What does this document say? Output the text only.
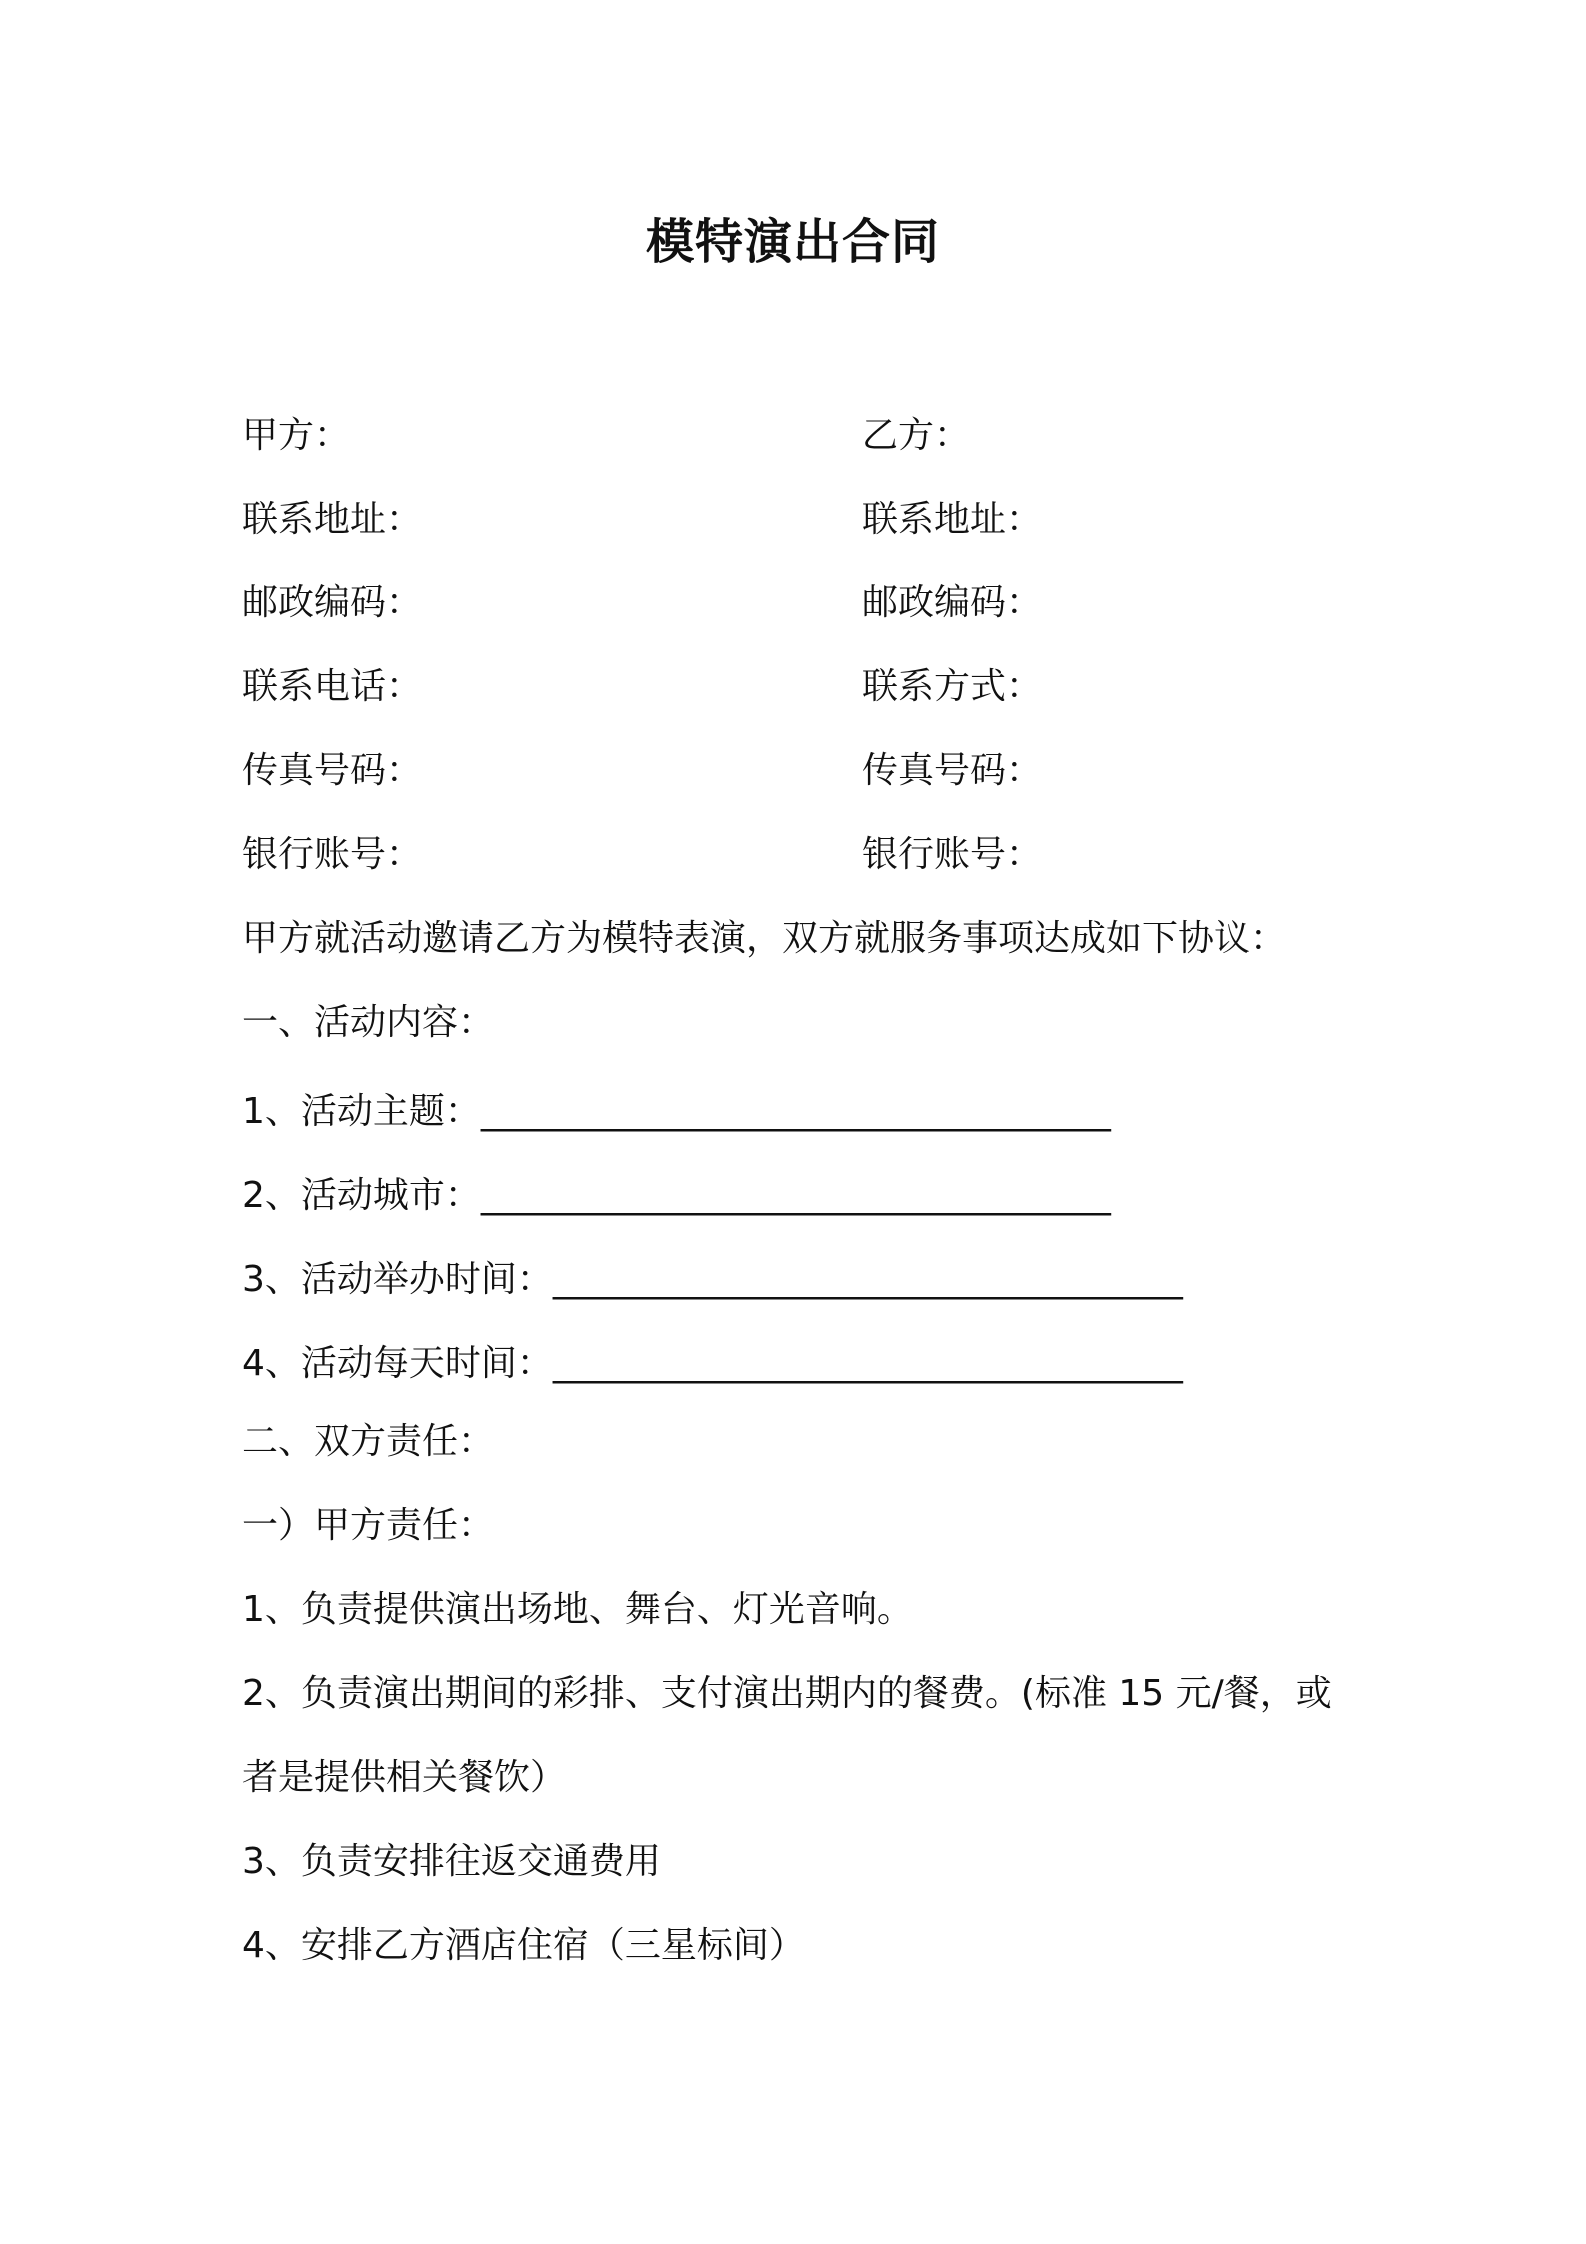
模特演出合同
甲方：
联系地址：
邮政编码：
联系电话：
传真号码：
银行账号：
乙方：
联系地址：
邮政编码：
联系方式：
传真号码：
银行账号：
甲方就活动邀请乙方为模特表演，双方就服务事项达成如下协议：
一、活动内容：
1、活动主题：___________________________________
2、活动城市：___________________________________
3、活动举办时间：___________________________________
4、活动每天时间：___________________________________
二、双方责任：
一）甲方责任：
1、负责提供演出场地、舞台、灯光音响。
2、负责演出期间的彩排、支付演出期内的餐费。(标准 15 元/餐，或
者是提供相关餐饮）
3、负责安排往返交通费用
4、安排乙方酒店住宿（三星标间）
